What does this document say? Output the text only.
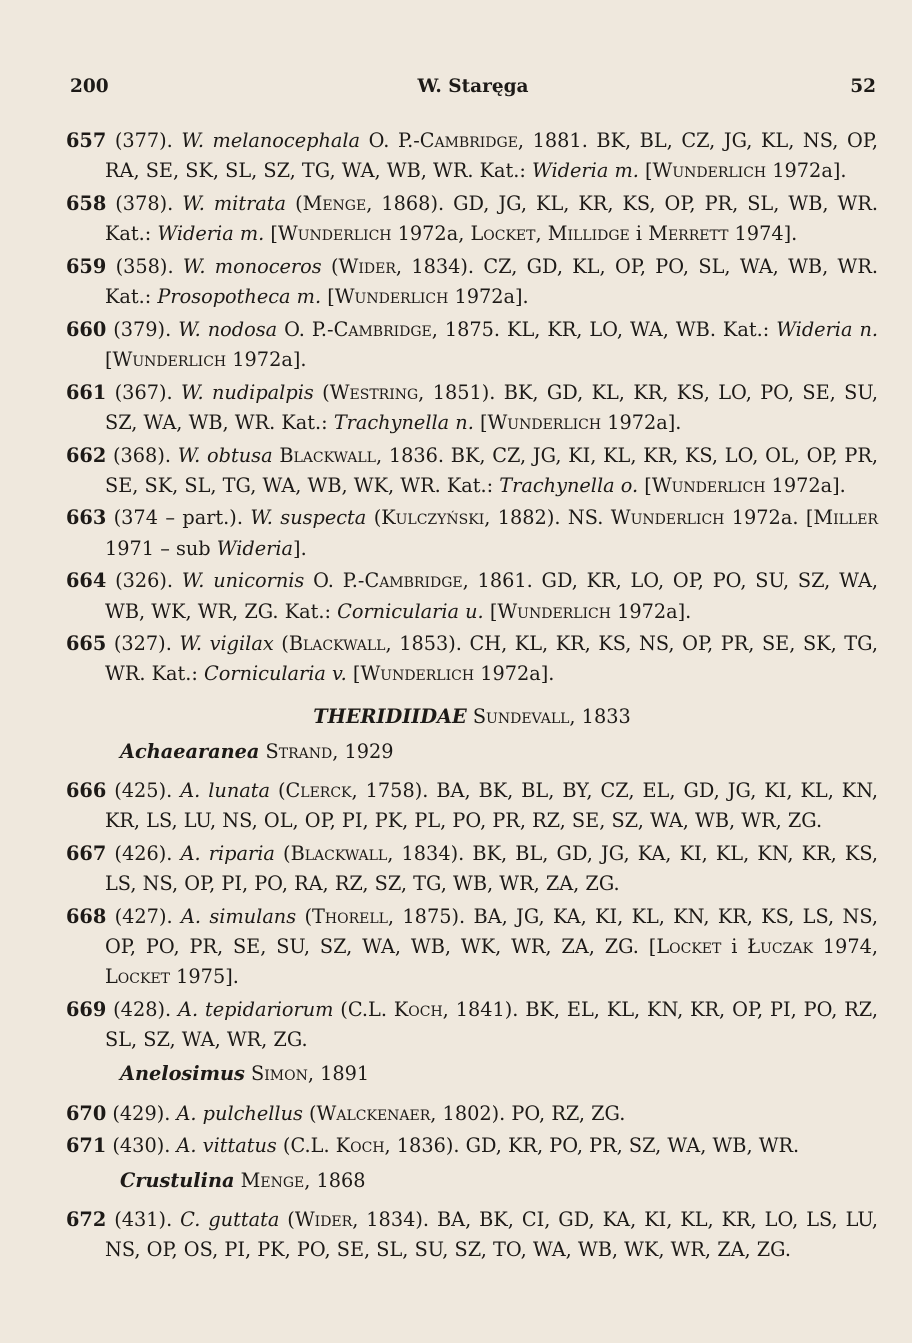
200	W. Staręga	52

657 (377). W. melanocephala O. P.-Cambridge, 1881. BK, BL, CZ, JG, KL, NS, OP, RA, SE, SK, SL, SZ, TG, WA, WB, WR. Kat.: Wideria m. [Wunderlich 1972a].

658 (378). W. mitrata (Menge, 1868). GD, JG, KL, KR, KS, OP, PR, SL, WB, WR. Kat.: Wideria m. [Wunderlich 1972a, Locket, Millidge i Merrett 1974].

659 (358). W. monoceros (Wider, 1834). CZ, GD, KL, OP, PO, SL, WA, WB, WR. Kat.: Prosopotheca m. [Wunderlich 1972a].

660 (379). W. nodosa O. P.-Cambridge, 1875. KL, KR, LO, WA, WB. Kat.: Wideria n. [Wunderlich 1972a].

661 (367). W. nudipalpis (Westring, 1851). BK, GD, KL, KR, KS, LO, PO, SE, SU, SZ, WA, WB, WR. Kat.: Trachynella n. [Wunderlich 1972a].

662 (368). W. obtusa Blackwall, 1836. BK, CZ, JG, KI, KL, KR, KS, LO, OL, OP, PR, SE, SK, SL, TG, WA, WB, WK, WR. Kat.: Trachynella o. [Wunderlich 1972a].

663 (374 – part.). W. suspecta (Kulczyński, 1882). NS. Wunderlich 1972a. [Miller 1971 – sub Wideria].

664 (326). W. unicornis O. P.-Cambridge, 1861. GD, KR, LO, OP, PO, SU, SZ, WA, WB, WK, WR, ZG. Kat.: Cornicularia u. [Wunderlich 1972a].

665 (327). W. vigilax (Blackwall, 1853). CH, KL, KR, KS, NS, OP, PR, SE, SK, TG, WR. Kat.: Cornicularia v. [Wunderlich 1972a].

THERIDIIDAE Sundevall, 1833
Achaearanea Strand, 1929

666 (425). A. lunata (Clerck, 1758). BA, BK, BL, BY, CZ, EL, GD, JG, KI, KL, KN, KR, LS, LU, NS, OL, OP, PI, PK, PL, PO, PR, RZ, SE, SZ, WA, WB, WR, ZG.

667 (426). A. riparia (Blackwall, 1834). BK, BL, GD, JG, KA, KI, KL, KN, KR, KS, LS, NS, OP, PI, PO, RA, RZ, SZ, TG, WB, WR, ZA, ZG.

668 (427). A. simulans (Thorell, 1875). BA, JG, KA, KI, KL, KN, KR, KS, LS, NS, OP, PO, PR, SE, SU, SZ, WA, WB, WK, WR, ZA, ZG. [Locket i Łuczak 1974, Locket 1975].

669 (428). A. tepidariorum (C.L. Koch, 1841). BK, EL, KL, KN, KR, OP, PI, PO, RZ, SL, SZ, WA, WR, ZG.

Anelosimus Simon, 1891

670 (429). A. pulchellus (Walckenaer, 1802). PO, RZ, ZG.

671 (430). A. vittatus (C.L. Koch, 1836). GD, KR, PO, PR, SZ, WA, WB, WR.

Crustulina Menge, 1868

672 (431). C. guttata (Wider, 1834). BA, BK, CI, GD, KA, KI, KL, KR, LO, LS, LU, NS, OP, OS, PI, PK, PO, SE, SL, SU, SZ, TO, WA, WB, WK, WR, ZA, ZG.
